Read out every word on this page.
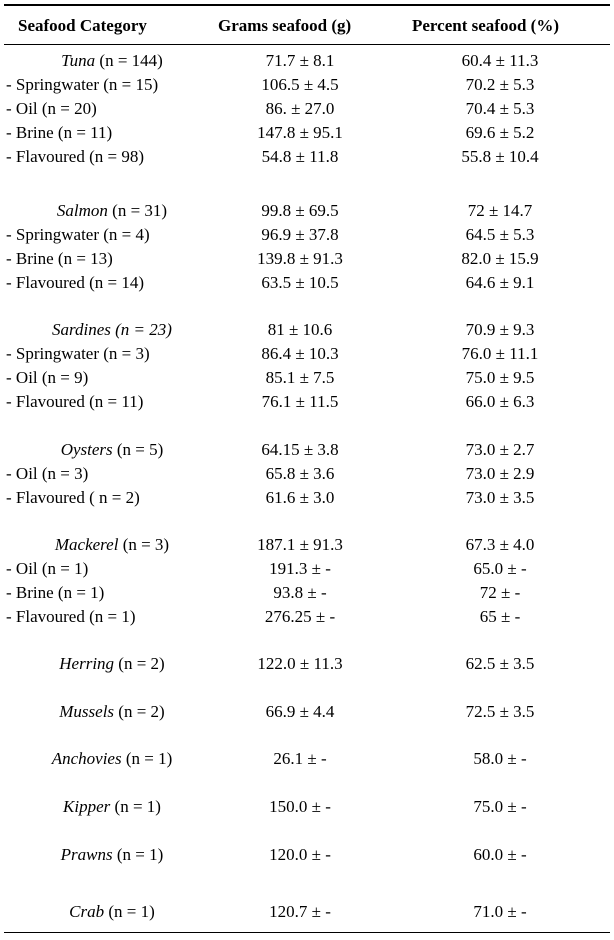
Seafood Category	Grams seafood (g)	Percent seafood (%)
Tuna (n = 144)	71.7 ± 8.1	60.4 ± 11.3
- Springwater (n = 15)	106.5 ± 4.5	70.2 ± 5.3
- Oil (n = 20)	86. ± 27.0	70.4 ± 5.3
- Brine (n = 11)	147.8 ± 95.1	69.6 ± 5.2
- Flavoured (n = 98)	54.8 ± 11.8	55.8 ± 10.4
Salmon (n = 31)	99.8 ± 69.5	72 ± 14.7
- Springwater (n = 4)	96.9 ± 37.8	64.5 ± 5.3
- Brine (n = 13)	139.8 ± 91.3	82.0 ± 15.9
- Flavoured (n = 14)	63.5 ± 10.5	64.6 ± 9.1
Sardines (n = 23)	81 ± 10.6	70.9 ± 9.3
- Springwater (n = 3)	86.4 ± 10.3	76.0 ± 11.1
- Oil (n = 9)	85.1 ± 7.5	75.0 ± 9.5
- Flavoured (n = 11)	76.1 ± 11.5	66.0 ± 6.3
Oysters (n = 5)	64.15 ± 3.8	73.0 ± 2.7
- Oil (n = 3)	65.8 ± 3.6	73.0 ± 2.9
- Flavoured ( n = 2)	61.6 ± 3.0	73.0 ± 3.5
Mackerel (n = 3)	187.1 ± 91.3	67.3 ± 4.0
- Oil (n = 1)	191.3 ± -	65.0 ± -
- Brine (n = 1)	93.8 ± -	72 ± -
- Flavoured (n = 1)	276.25 ± -	65 ± -
Herring (n = 2)	122.0 ± 11.3	62.5 ± 3.5
Mussels (n = 2)	66.9 ± 4.4	72.5 ± 3.5
Anchovies (n = 1)	26.1 ± -	58.0 ± -
Kipper (n = 1)	150.0 ± -	75.0 ± -
Prawns (n = 1)	120.0 ± -	60.0 ± -
Crab (n = 1)	120.7 ± -	71.0 ± -
